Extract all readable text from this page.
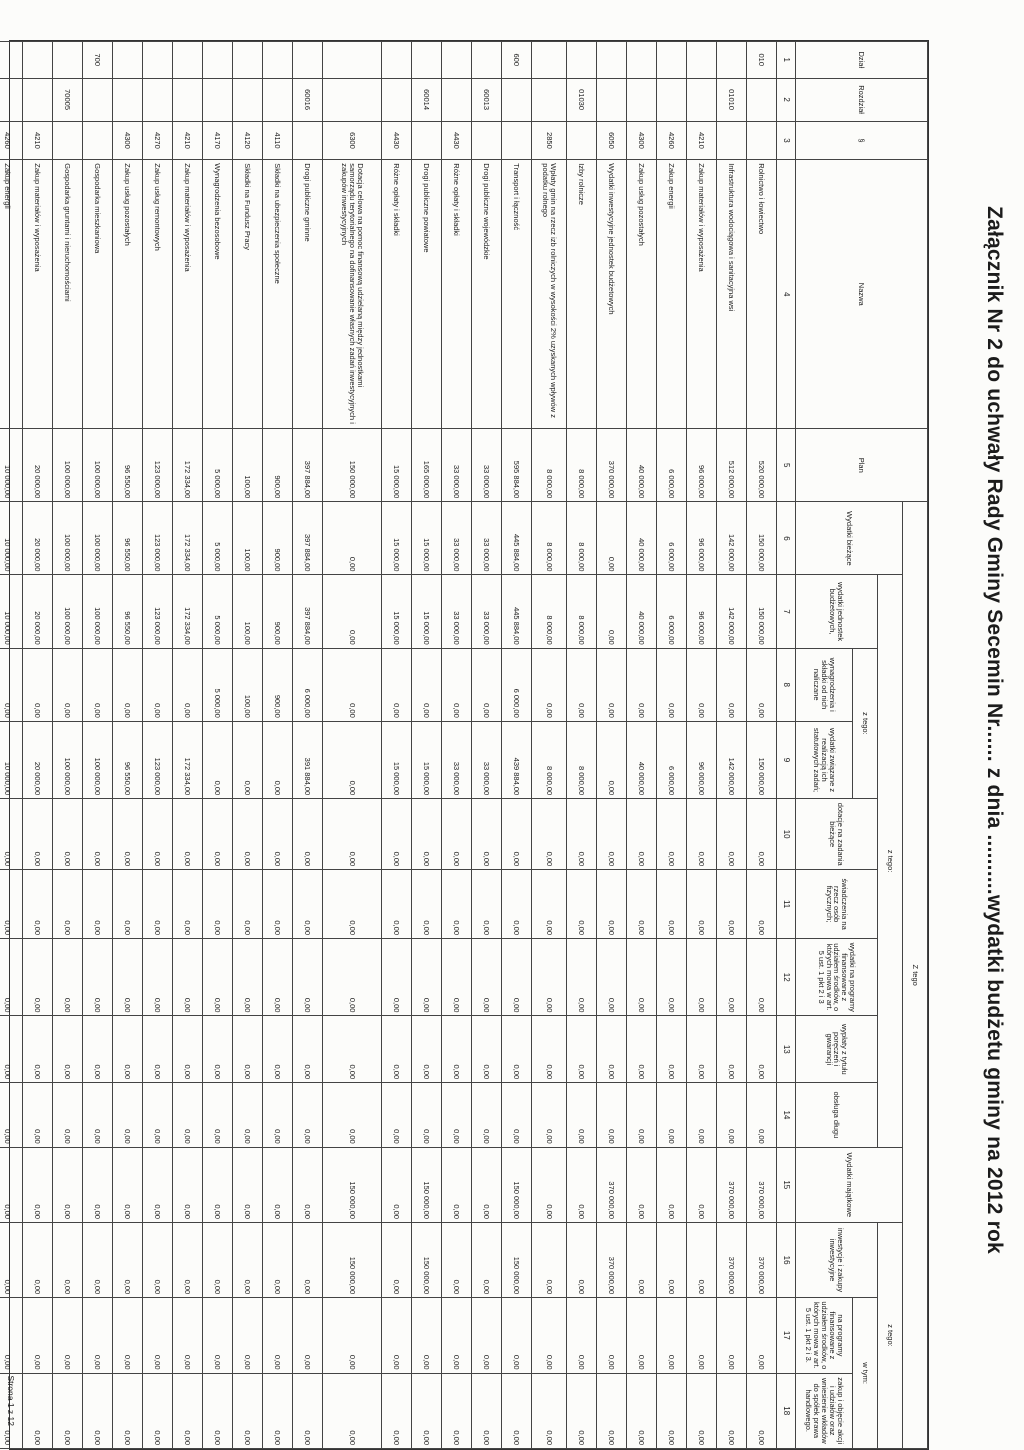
Załącznik Nr 2 do uchwały Rady Gminy Secemin Nr...... z dnia ..........wydatki budżetu gminy na 2012 rok
Dział	Rozdział	§	Nazwa	Plan	Z tego												
					Wydatki bieżące	z tego:								Wydatki majątkowe	z tego:		
						wydatki jednostek budżetowych,	z tego:		dotacje na zadania bieżące	świadczenia na rzecz osób fizycznych;	wydatki na programy finansowane z udziałem środków, o których mowa w art. 5 ust. 1 pkt 2 i 3	wypłaty z tytułu poręczeń i gwarancji	obsługa długu		inwestycje i zakupy inwestycyjne	w tym:	
							wynagrodzenia i składki od nich naliczane	wydatki związane z realizacją ich statutowych zadań;								na programy finansowane z udziałem środków, o których mowa w art. 5 ust. 1 pkt 2 i 3.	zakup i objęcie akcji i udziałów oraz wniesienie wkładów do spółek prawa handlowego.
1	2	3	4	5	6	7	8	9	10	11	12	13	14	15	16	17	18
010			Rolnictwo i łowiectwo	520 000,00	150 000,00	150 000,00	0,00	150 000,00	0,00	0,00	0,00	0,00	0,00	370 000,00	370 000,00	0,00	0,00
	01010		Infrastruktura wodociągowa i sanitacyjna wsi	512 000,00	142 000,00	142 000,00	0,00	142 000,00	0,00	0,00	0,00	0,00	0,00	370 000,00	370 000,00	0,00	0,00
		4210	Zakup materiałów i wyposażenia	96 000,00	96 000,00	96 000,00	0,00	96 000,00	0,00	0,00	0,00	0,00	0,00	0,00	0,00	0,00	0,00
		4260	Zakup energii	6 000,00	6 000,00	6 000,00	0,00	6 000,00	0,00	0,00	0,00	0,00	0,00	0,00	0,00	0,00	0,00
		4300	Zakup usług pozostałych	40 000,00	40 000,00	40 000,00	0,00	40 000,00	0,00	0,00	0,00	0,00	0,00	0,00	0,00	0,00	0,00
		6050	Wydatki inwestycyjne jednostek budżetowych	370 000,00	0,00	0,00	0,00	0,00	0,00	0,00	0,00	0,00	0,00	370 000,00	370 000,00	0,00	0,00
	01030		Izby rolnicze	8 000,00	8 000,00	8 000,00	0,00	8 000,00	0,00	0,00	0,00	0,00	0,00	0,00	0,00	0,00	0,00
		2850	Wpłaty gmin na rzecz izb rolniczych w wysokości 2% uzyskanych wpływów z podatku rolnego	8 000,00	8 000,00	8 000,00	0,00	8 000,00	0,00	0,00	0,00	0,00	0,00	0,00	0,00	0,00	0,00
600			Transport i łączność	595 884,00	445 884,00	445 884,00	6 000,00	439 884,00	0,00	0,00	0,00	0,00	0,00	150 000,00	150 000,00	0,00	0,00
	60013		Drogi publiczne wojewódzkie	33 000,00	33 000,00	33 000,00	0,00	33 000,00	0,00	0,00	0,00	0,00	0,00	0,00	0,00	0,00	0,00
		4430	Różne opłaty i składki	33 000,00	33 000,00	33 000,00	0,00	33 000,00	0,00	0,00	0,00	0,00	0,00	0,00	0,00	0,00	0,00
	60014		Drogi publiczne powiatowe	165 000,00	15 000,00	15 000,00	0,00	15 000,00	0,00	0,00	0,00	0,00	0,00	150 000,00	150 000,00	0,00	0,00
		4430	Różne opłaty i składki	15 000,00	15 000,00	15 000,00	0,00	15 000,00	0,00	0,00	0,00	0,00	0,00	0,00	0,00	0,00	0,00
		6300	Dotacja celowa na pomoc finansową udzielaną między jednostkami samorządu terytorialnego na dofinansowanie własnych zadań inwestycyjnych i zakupów inwestycyjnych	150 000,00	0,00	0,00	0,00	0,00	0,00	0,00	0,00	0,00	0,00	150 000,00	150 000,00	0,00	0,00
	60016		Drogi publiczne gminne	397 884,00	397 884,00	397 884,00	6 000,00	391 884,00	0,00	0,00	0,00	0,00	0,00	0,00	0,00	0,00	0,00
		4110	Składki na ubezpieczenia społeczne	900,00	900,00	900,00	900,00	0,00	0,00	0,00	0,00	0,00	0,00	0,00	0,00	0,00	0,00
		4120	Składki na Fundusz Pracy	100,00	100,00	100,00	100,00	0,00	0,00	0,00	0,00	0,00	0,00	0,00	0,00	0,00	0,00
		4170	Wynagrodzenia bezosobowe	5 000,00	5 000,00	5 000,00	5 000,00	0,00	0,00	0,00	0,00	0,00	0,00	0,00	0,00	0,00	0,00
		4210	Zakup materiałów i wyposażenia	172 334,00	172 334,00	172 334,00	0,00	172 334,00	0,00	0,00	0,00	0,00	0,00	0,00	0,00	0,00	0,00
		4270	Zakup usług remontowych	123 000,00	123 000,00	123 000,00	0,00	123 000,00	0,00	0,00	0,00	0,00	0,00	0,00	0,00	0,00	0,00
		4300	Zakup usług pozostałych	96 550,00	96 550,00	96 550,00	0,00	96 550,00	0,00	0,00	0,00	0,00	0,00	0,00	0,00	0,00	0,00
700			Gospodarka mieszkaniowa	100 000,00	100 000,00	100 000,00	0,00	100 000,00	0,00	0,00	0,00	0,00	0,00	0,00	0,00	0,00	0,00
	70005		Gospodarka gruntami i nieruchomościami	100 000,00	100 000,00	100 000,00	0,00	100 000,00	0,00	0,00	0,00	0,00	0,00	0,00	0,00	0,00	0,00
		4210	Zakup materiałów i wyposażenia	20 000,00	20 000,00	20 000,00	0,00	20 000,00	0,00	0,00	0,00	0,00	0,00	0,00	0,00	0,00	0,00
		4260	Zakup energii	10 000,00	10 000,00	10 000,00	0,00	10 000,00	0,00	0,00	0,00	0,00	0,00	0,00	0,00	0,00	0,00

Strona 1 z 12
